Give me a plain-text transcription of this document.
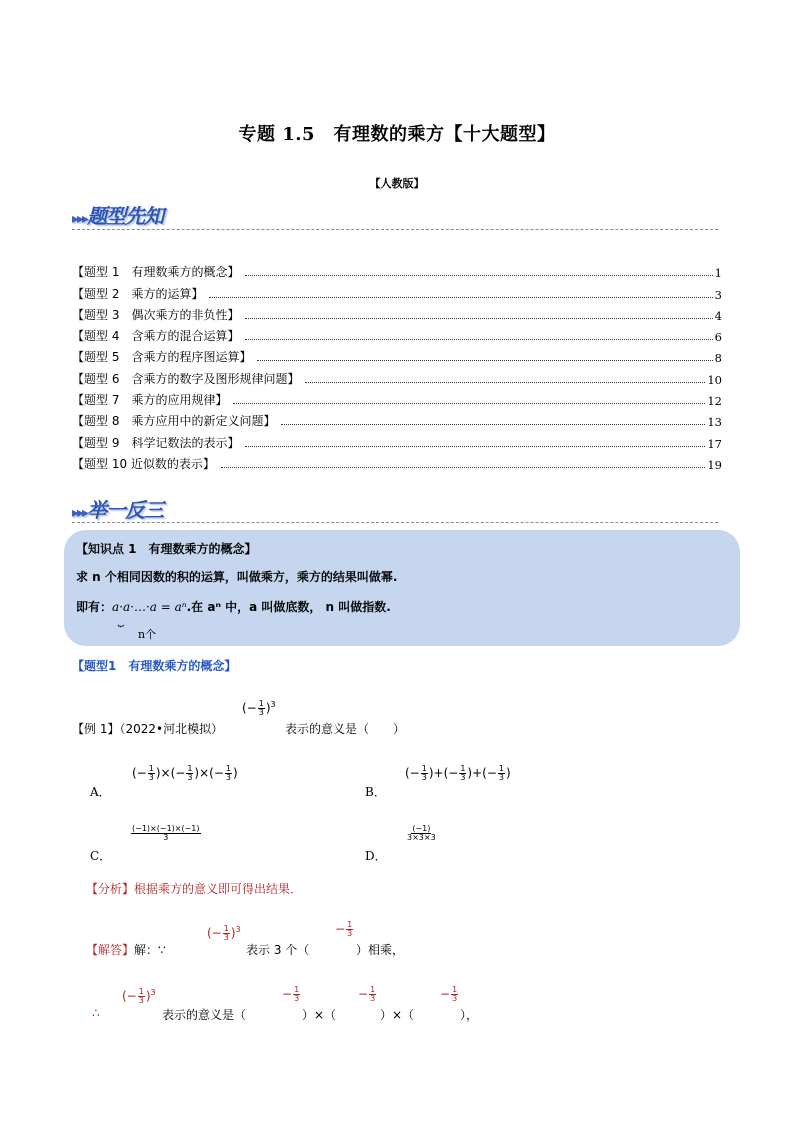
专题 1.5　有理数的乘方【十大题型】
【人教版】
▸▸▸题型先知
【题型 1　有理数乘方的概念】	1
【题型 2　乘方的运算】	3
【题型 3　偶次乘方的非负性】	4
【题型 4　含乘方的混合运算】	6
【题型 5　含乘方的程序图运算】	8
【题型 6　含乘方的数字及图形规律问题】	10
【题型 7　乘方的应用规律】	12
【题型 8　乘方应用中的新定义问题】	13
【题型 9　科学记数法的表示】	17
【题型 10 近似数的表示】	19
▸▸▸举一反三
【知识点 1　有理数乘方的概念】
求 n 个相同因数的积的运算，叫做乘方，乘方的结果叫做幂.
即有：a·a·…·a = aⁿ
⏟
n个
.在 aⁿ 中，a 叫做底数， n 叫做指数.
【题型1　有理数乘方的概念】
(− $\frac{1}{3} )^3$
【例 1】（2022•河北模拟）	表示的意义是（　　）
(− $\frac{1}{3}$ )×(− $\frac{1}{3}$ )×(− $\frac{1}{3}$ )
A．
(− $\frac{1}{3}$ )+(− $\frac{1}{3}$ )+(− $\frac{1}{3}$ )
B．
$\frac{(-1)\times(-1)\times(-1)}{3}$
C．
$\frac{(-1)}{3\times 3\times 3}$
D．
【分析】根据乘方的意义即可得出结果．
(− $\frac{1}{3} )^3$	− $\frac{1}{3}$
【解答】解：∵	表示 3 个（	）相乘，
(− $\frac{1}{3} )^3$	− $\frac{1}{3}$	− $\frac{1}{3}$	− $\frac{1}{3}$
∴	表示的意义是（	）×（	）×（	），
